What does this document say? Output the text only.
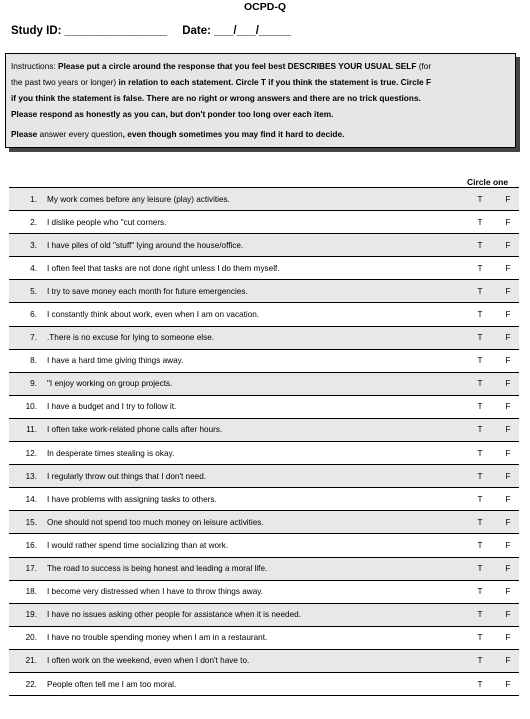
OCPD-Q
Study ID: ________________ Date: ___/___/_____

Instructions: Please put a circle around the response that you feel best DESCRIBES YOUR USUAL SELF (for

the past two years or longer) in relation to each statement. Circle T if you think the statement is true. Circle F

if you think the statement is false. There are no right or wrong answers and there are no trick questions.

Please respond as honestly as you can, but don't ponder too long over each item.

Please answer every question, even though sometimes you may find it hard to decide.

Circle one
1. My work comes before any leisure (play) activities.	T	F
2. I dislike people who "cut corners.	T	F
3. I have piles of old "stuff" lying around the house/office.	T	F
4. I often feel that tasks are not done right unless I do them myself.	T	F
5. I try to save money each month for future emergencies.	T	F
6. I constantly think about work, even when I am on vacation.	T	F
7. .There is no excuse for lying to someone else.	T	F
8. I have a hard time giving things away.	T	F
9. "I enjoy working on group projects.	T	F
10. I have a budget and I try to follow it.	T	F
11. I often take work-related phone calls after hours.	T	F
12. In desperate times stealing is okay.	T	F
13. I regularly throw out things that I don't need.	T	F
14. I have problems with assigning tasks to others.	T	F
15. One should not spend too much money on leisure activities.	T	F
16. I would rather spend time socializing than at work.	T	F
17. The road to success is being honest and leading a moral life.	T	F
18. I become very distressed when I have to throw things away.	T	F
19. I have no issues asking other people for assistance when it is needed.	T	F
20. I have no trouble spending money when I am in a restaurant.	T	F
21. I often work on the weekend, even when I don't have to.	T	F
22. People often tell me I am too moral.	T	F
